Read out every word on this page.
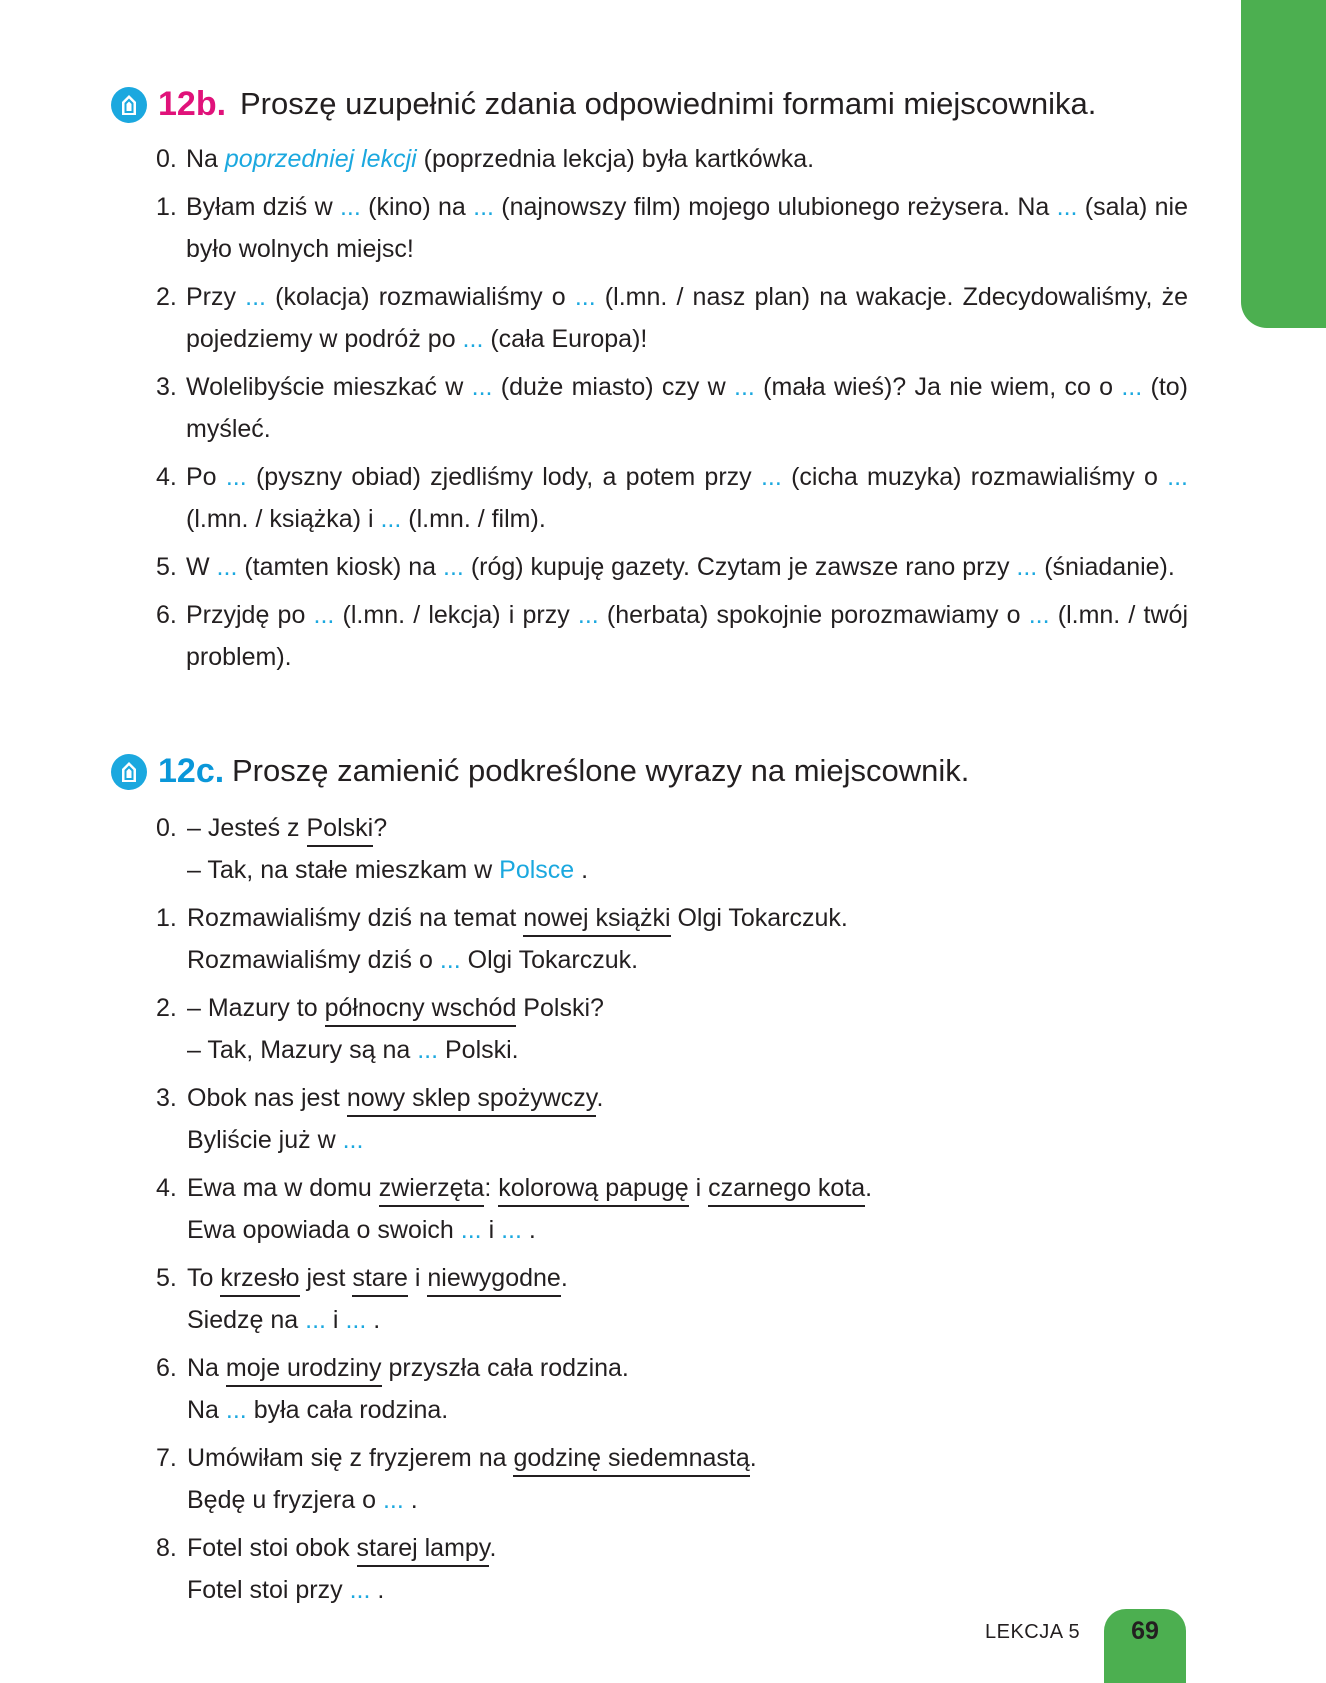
12b. Proszę uzupełnić zdania odpowiednimi formami miejscownika.
0. Na poprzedniej lekcji (poprzednia lekcja) była kartkówka.
1. Byłam dziś w ... (kino) na ... (najnowszy film) mojego ulubionego reżysera. Na ... (sala) nie było wolnych miejsc!
2. Przy ... (kolacja) rozmawialiśmy o ... (l.mn. / nasz plan) na wakacje. Zdecydowaliśmy, że pojedziemy w podróż po ... (cała Europa)!
3. Wolelibyście mieszkać w ... (duże miasto) czy w ... (mała wieś)? Ja nie wiem, co o ... (to) myśleć.
4. Po ... (pyszny obiad) zjedliśmy lody, a potem przy ... (cicha muzyka) rozmawialiśmy o ... (l.mn. / książka) i ... (l.mn. / film).
5. W ... (tamten kiosk) na ... (róg) kupuję gazety. Czytam je zawsze rano przy ... (śniadanie).
6. Przyjdę po ... (l.mn. / lekcja) i przy ... (herbata) spokojnie porozmawiamy o ... (l.mn. / twój problem).
12c. Proszę zamienić podkreślone wyrazy na miejscownik.
0. – Jesteś z Polski?
– Tak, na stałe mieszkam w Polsce .
1. Rozmawialiśmy dziś na temat nowej książki Olgi Tokarczuk.
Rozmawialiśmy dziś o ... Olgi Tokarczuk.
2. – Mazury to północny wschód Polski?
– Tak, Mazury są na ... Polski.
3. Obok nas jest nowy sklep spożywczy.
Byliście już w ...
4. Ewa ma w domu zwierzęta: kolorową papugę i czarnego kota.
Ewa opowiada o swoich ... i ... .
5. To krzesło jest stare i niewygodne.
Siedzę na ... i ... .
6. Na moje urodziny przyszła cała rodzina.
Na ... była cała rodzina.
7. Umówiłam się z fryzjerem na godzinę siedemnastą.
Będę u fryzjera o ... .
8. Fotel stoi obok starej lampy.
Fotel stoi przy ... .
LEKCJA 5	69
